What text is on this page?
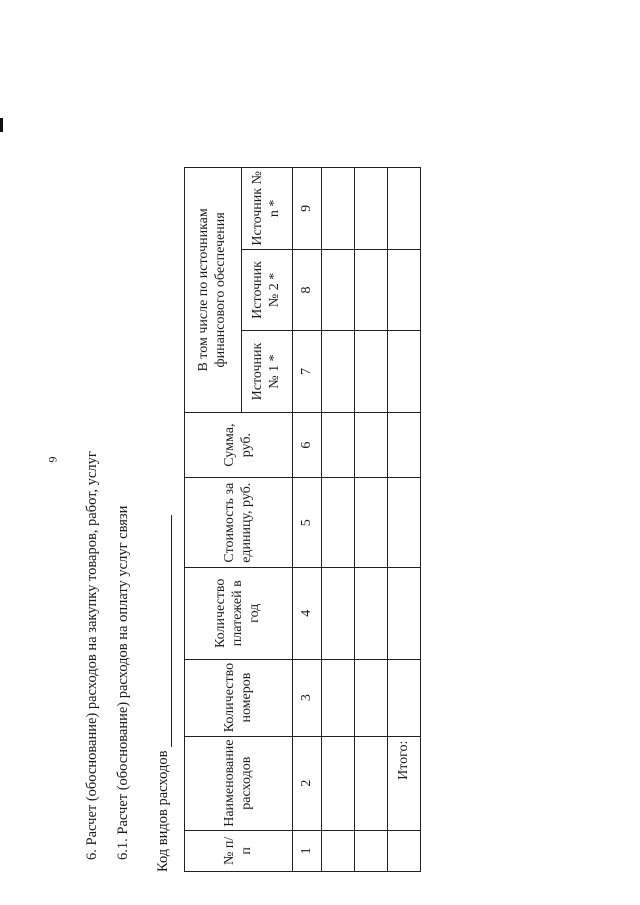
9 6. Расчет (обоснование) расходов на закупку товаров, работ, услуг 6.1. Расчет (обоснование) расходов на оплату услуг связи Код видов расходов	№ п/п	Наименование расходов	Количество номеров	Количество платежей в год	Стоимость за единицу, руб.	Сумма, руб.	В том числе по источникам финансового обеспечения		
						Источник № 1 *	Источник № 2 *	Источник № n *
1	2	3	4	5	6	7	8	9

	Итого:							
